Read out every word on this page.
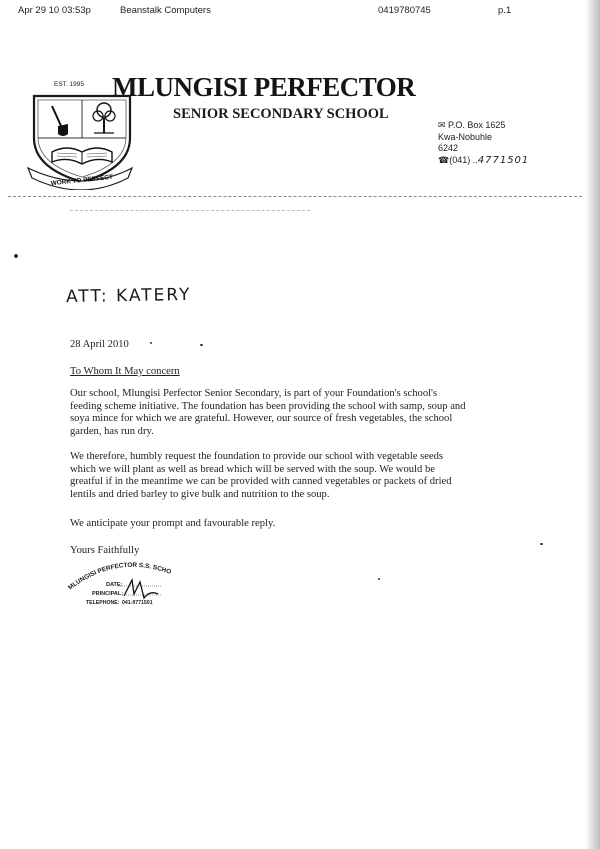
Apr 29 10 03:53p	Beanstalk Computers	0419780745	p.1
EST. 1995
WORK TO PERFECT
MLUNGISI PERFECTOR
SENIOR SECONDARY SCHOOL
✉ P.O. Box 1625
Kwa-Nobuhle
6242
☎(041) ..4771501
ATT: KATERY
28 April 2010
To Whom It May concern
Our school, Mlungisi Perfector Senior Secondary, is part of your Foundation's school's feeding scheme initiative. The foundation has been providing the school with samp, soup and soya mince for which we are grateful. However, our source of fresh vegetables, the school garden, has run dry.
We therefore, humbly request the foundation to provide our school with vegetable seeds which we will plant as well as bread which will be served with the soup. We would be greatful if in the meantime we can be provided with canned vegetables or packets of dried lentils and dried barley to give bulk and nutrition to the soup.
We anticipate your prompt and favourable reply.
Yours Faithfully
MLUNGISI PERFECTOR S.S. SCHOOL
DATE:
PRINCIPAL:
TELEPHONE: 041-9771501
